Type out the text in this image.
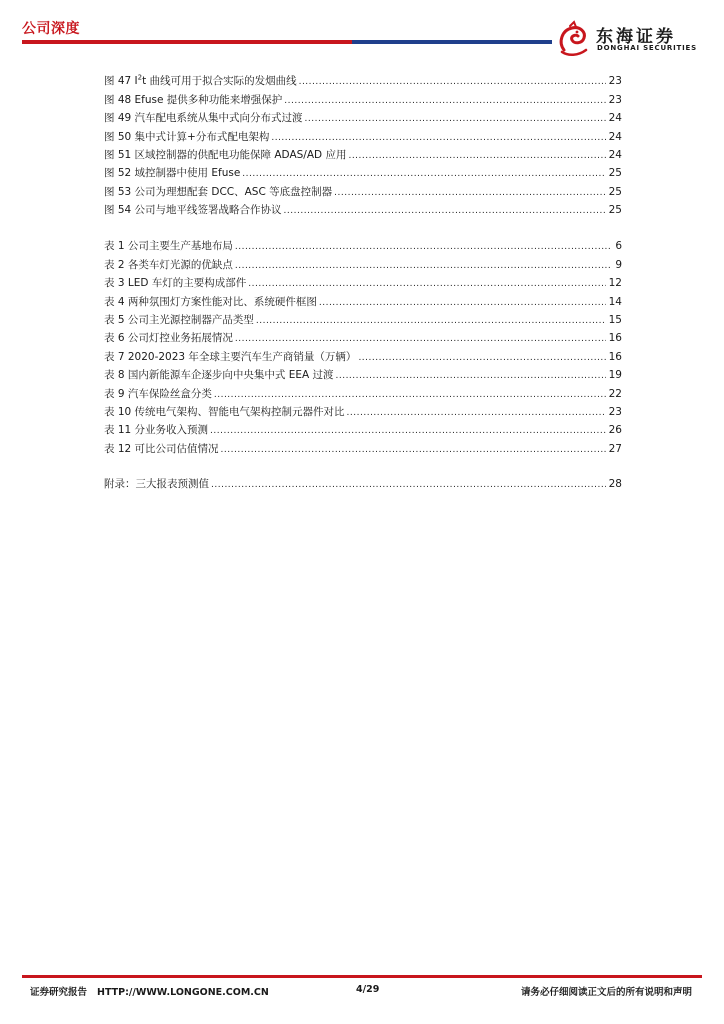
公司深度	东海证券
DONGHAI SECURITIES
图 47 $I^2t$ 曲线可用于拟合实际的发烟曲线 .....	23
图 48 Efuse 提供多种功能来增强保护 .....	23
图 49 汽车配电系统从集中式向分布式过渡 .....	24
图 50 集中式计算+分布式配电架构 .....	24
图 51 区域控制器的供配电功能保障 ADAS/AD 应用 .....	24
图 52 域控制器中使用 Efuse .....	25
图 53 公司为理想配套 DCC、ASC 等底盘控制器 .....	25
图 54 公司与地平线签署战略合作协议 .....	25
表 1 公司主要生产基地布局 .....	6
表 2 各类车灯光源的优缺点 .....	9
表 3 LED 车灯的主要构成部件 .....	12
表 4 两种氛围灯方案性能对比、系统硬件框图 .....	14
表 5 公司主光源控制器产品类型 .....	15
表 6 公司灯控业务拓展情况 .....	16
表 7 2020-2023 年全球主要汽车生产商销量（万辆） .....	16
表 8 国内新能源车企逐步向中央集中式 EEA 过渡 .....	19
表 9 汽车保险丝盒分类 .....	22
表 10 传统电气架构、智能电气架构控制元器件对比 .....	23
表 11 分业务收入预测 .....	26
表 12 可比公司估值情况 .....	27
附录：三大报表预测值 .....	28
证券研究报告 HTTP://WWW.LONGONE.COM.CN	4/29	请务必仔细阅读正文后的所有说明和声明
